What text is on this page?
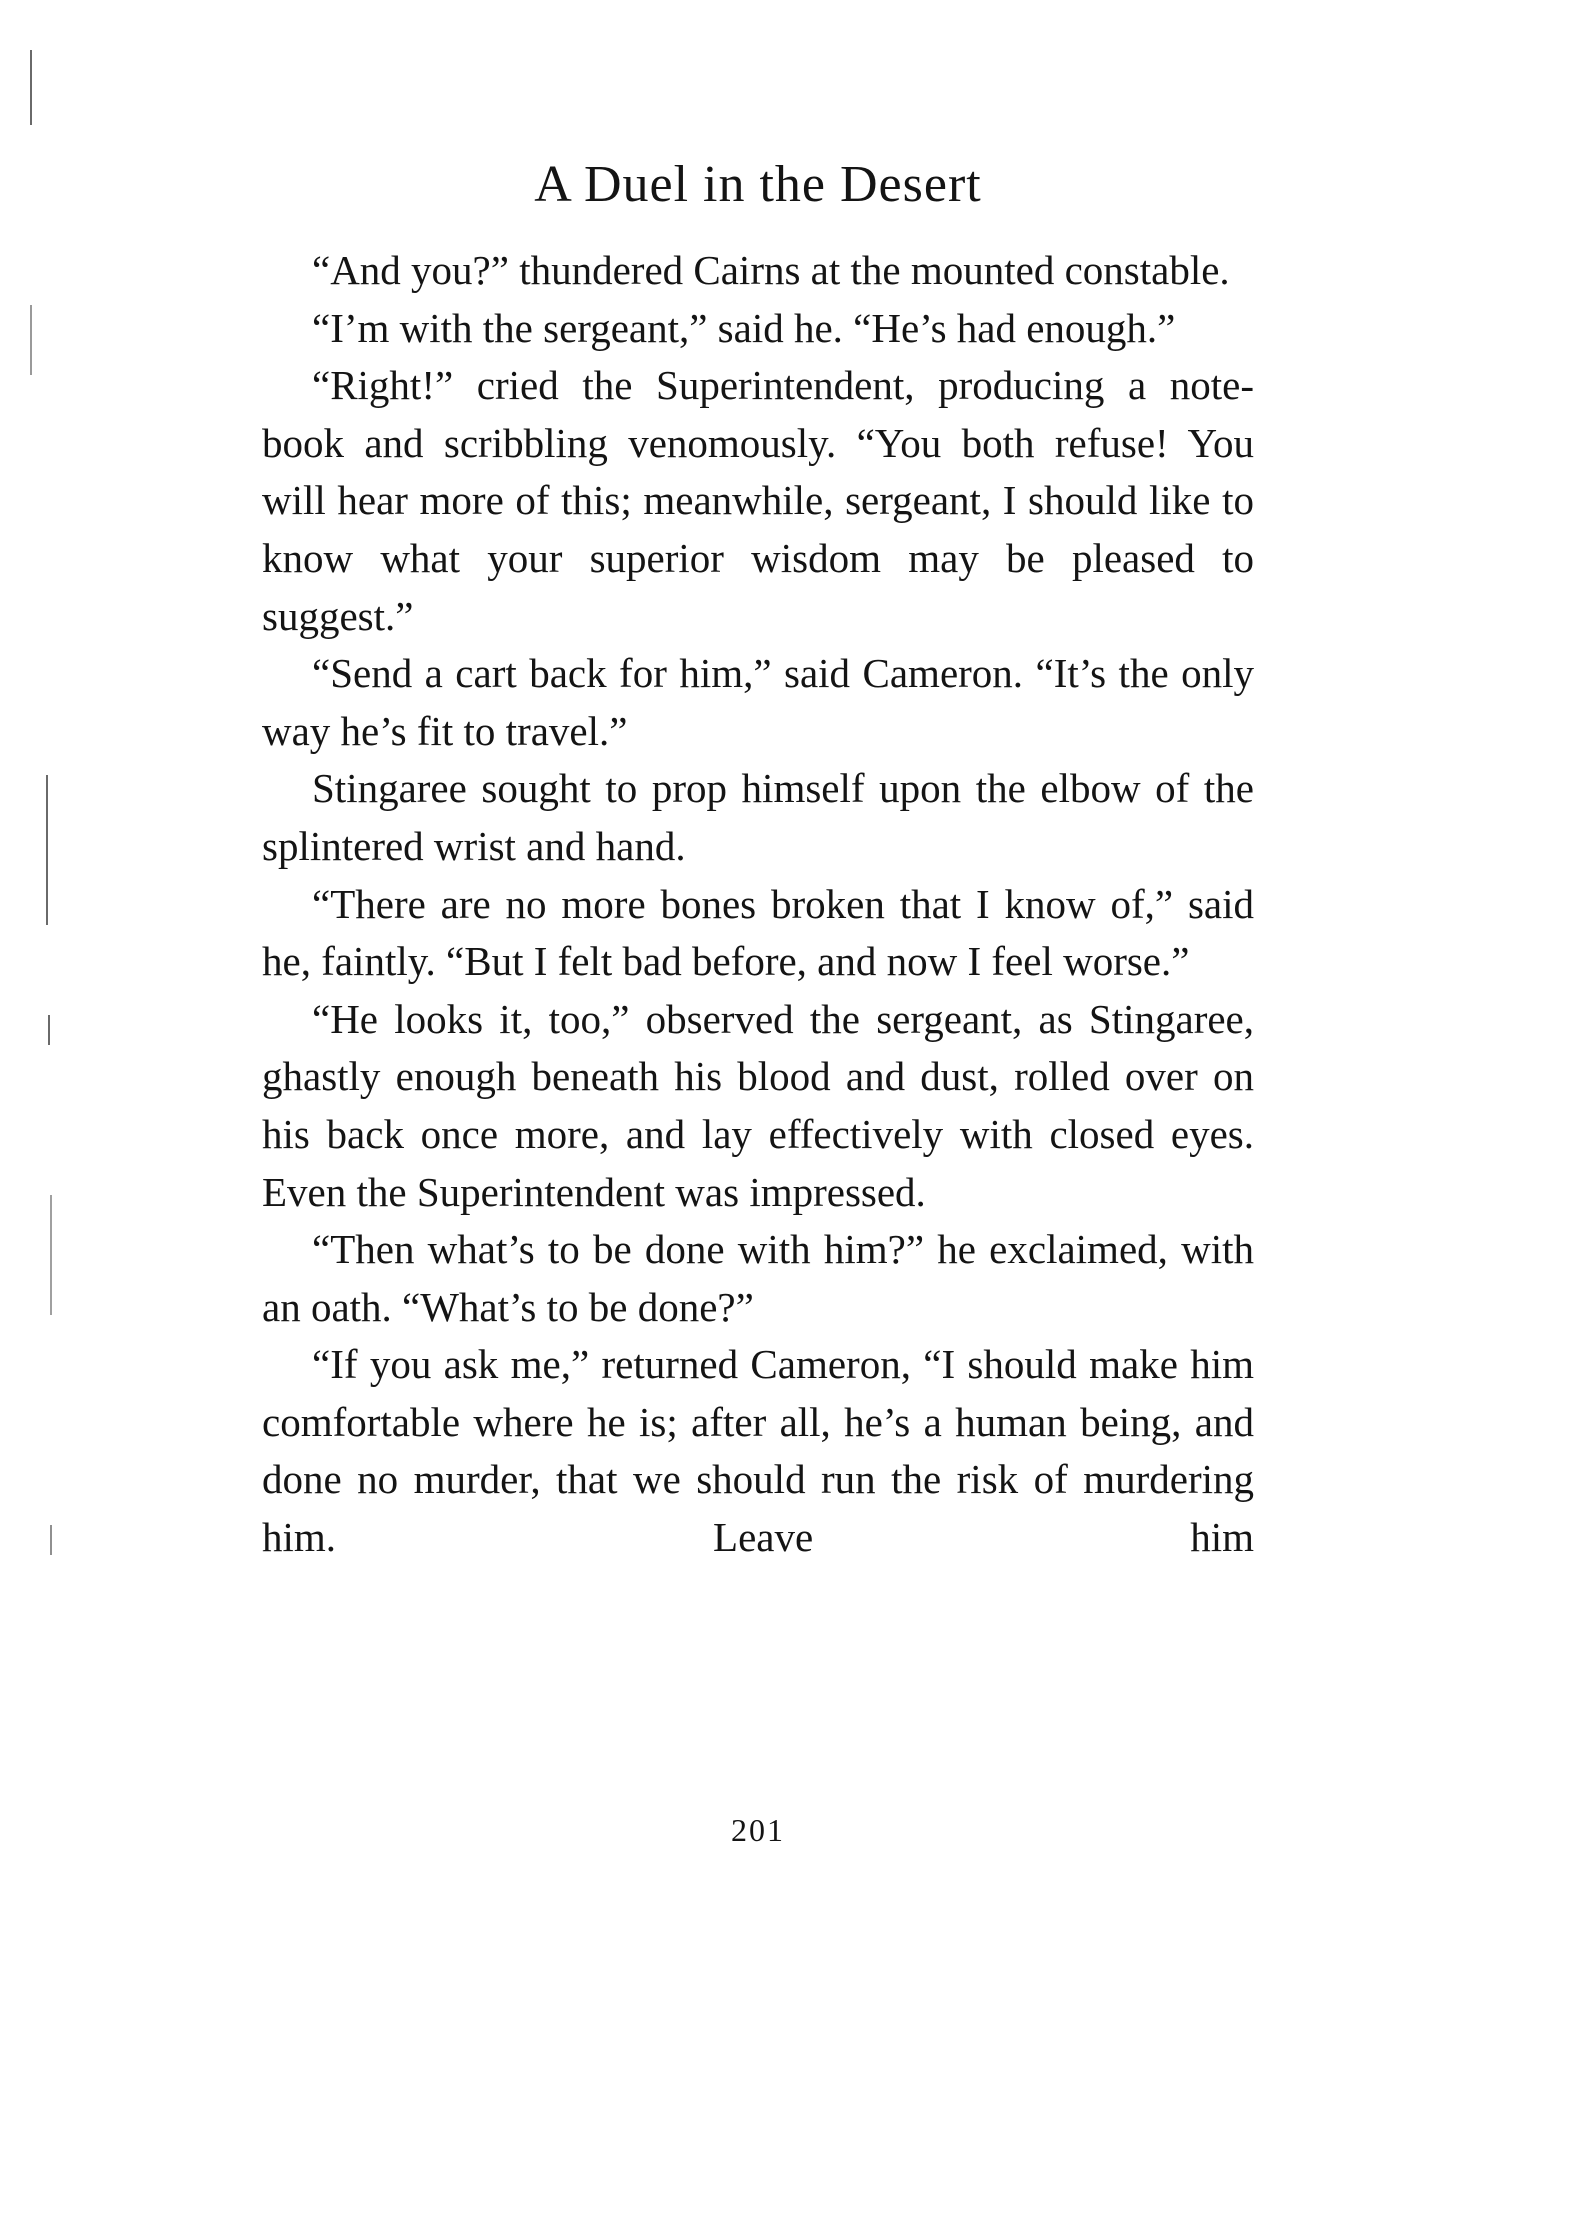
A Duel in the Desert

“And you?” thundered Cairns at the mounted constable.

“I’m with the sergeant,” said he. “He’s had enough.”

“Right!” cried the Superintendent, producing a note-book and scribbling venomously. “You both refuse! You will hear more of this; meanwhile, sergeant, I should like to know what your superior wisdom may be pleased to suggest.”

“Send a cart back for him,” said Cameron. “It’s the only way he’s fit to travel.”

Stingaree sought to prop himself upon the elbow of the splintered wrist and hand.

“There are no more bones broken that I know of,” said he, faintly. “But I felt bad before, and now I feel worse.”

“He looks it, too,” observed the sergeant, as Stingaree, ghastly enough beneath his blood and dust, rolled over on his back once more, and lay effectively with closed eyes. Even the Superintendent was impressed.

“Then what’s to be done with him?” he exclaimed, with an oath. “What’s to be done?”

“If you ask me,” returned Cameron, “I should make him comfortable where he is; after all, he’s a human being, and done no murder, that we should run the risk of murdering him. Leave him

201
